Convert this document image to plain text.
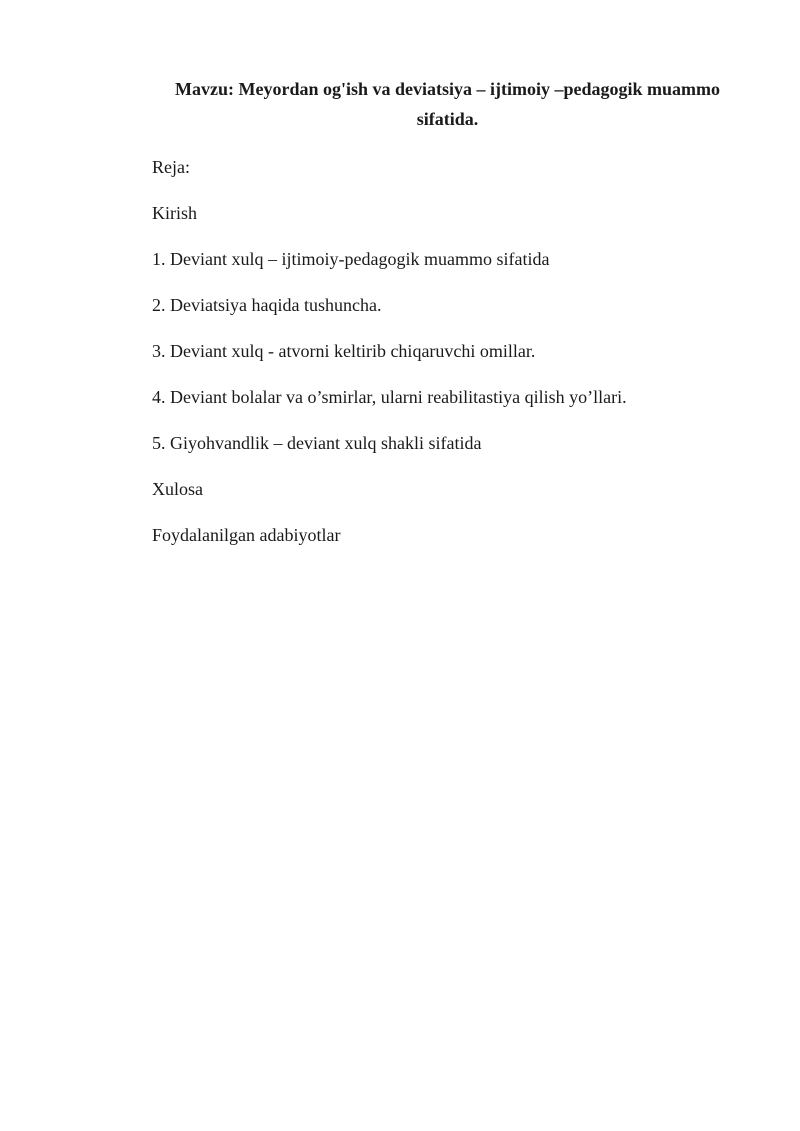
Mavzu: Meyordan og'ish va deviatsiya – ijtimoiy –pedagogik muammo sifatida.
Reja:
Kirish
1. Deviant xulq – ijtimoiy-pedagogik muammo sifatida
2. Deviatsiya haqida tushuncha.
3. Deviant xulq - atvorni keltirib chiqaruvchi omillar.
4. Deviant bolalar va o’smirlar, ularni reabilitastiya qilish yo’llari.
5. Giyohvandlik – deviant xulq shakli sifatida
Xulosa
Foydalanilgan adabiyotlar
